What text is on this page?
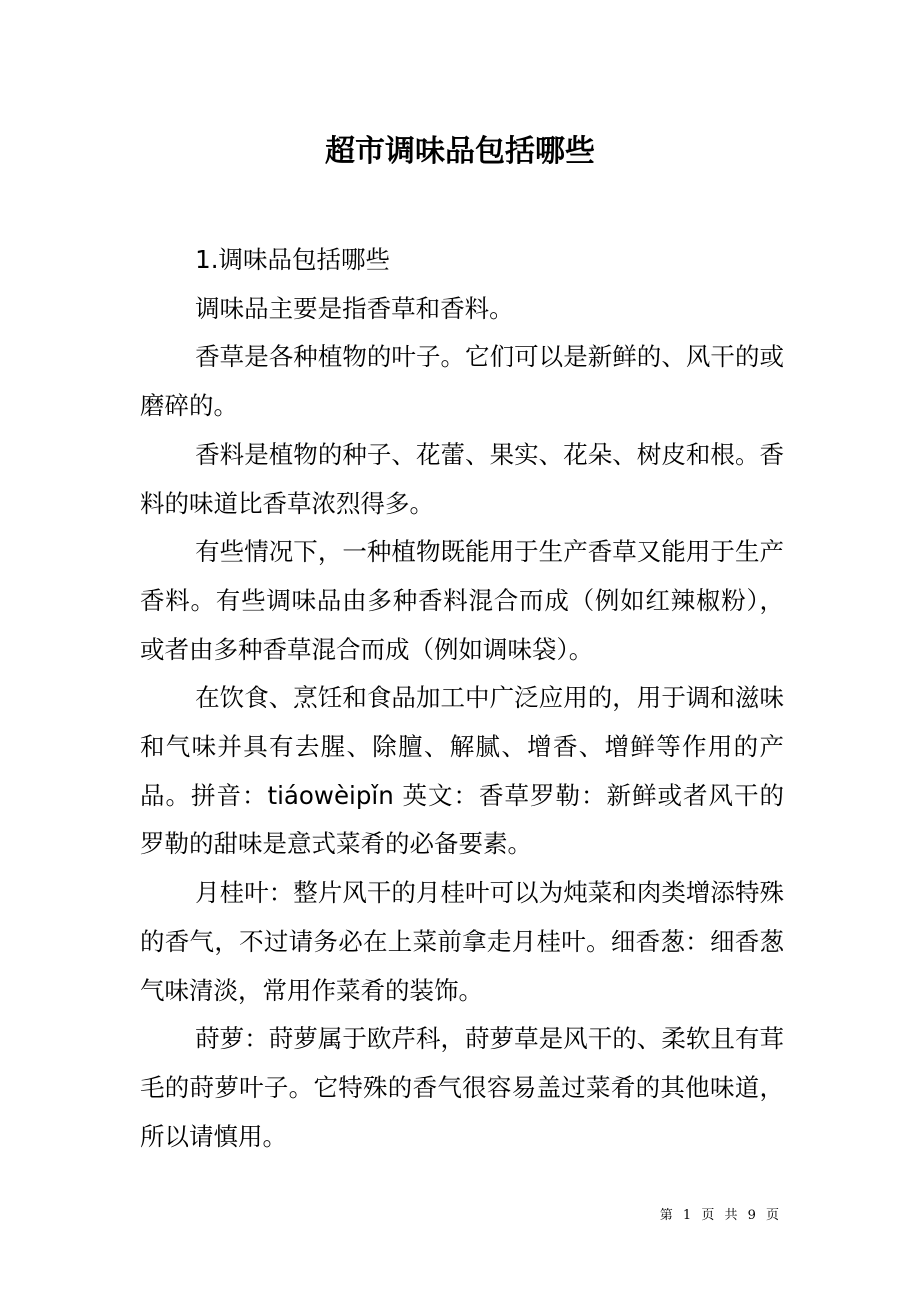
超市调味品包括哪些

1.调味品包括哪些

调味品主要是指香草和香料。

香草是各种植物的叶子。它们可以是新鲜的、风干的或磨碎的。

香料是植物的种子、花蕾、果实、花朵、树皮和根。香料的味道比香草浓烈得多。

有些情况下，一种植物既能用于生产香草又能用于生产香料。有些调味品由多种香料混合而成（例如红辣椒粉），或者由多种香草混合而成（例如调味袋）。

在饮食、烹饪和食品加工中广泛应用的，用于调和滋味和气味并具有去腥、除膻、解腻、增香、增鲜等作用的产品。拼音：tiáowèipǐn 英文：香草罗勒：新鲜或者风干的罗勒的甜味是意式菜肴的必备要素。

月桂叶：整片风干的月桂叶可以为炖菜和肉类增添特殊的香气，不过请务必在上菜前拿走月桂叶。细香葱：细香葱气味清淡，常用作菜肴的装饰。

莳萝：莳萝属于欧芹科，莳萝草是风干的、柔软且有茸毛的莳萝叶子。它特殊的香气很容易盖过菜肴的其他味道，所以请慎用。

第 1 页 共 9 页
